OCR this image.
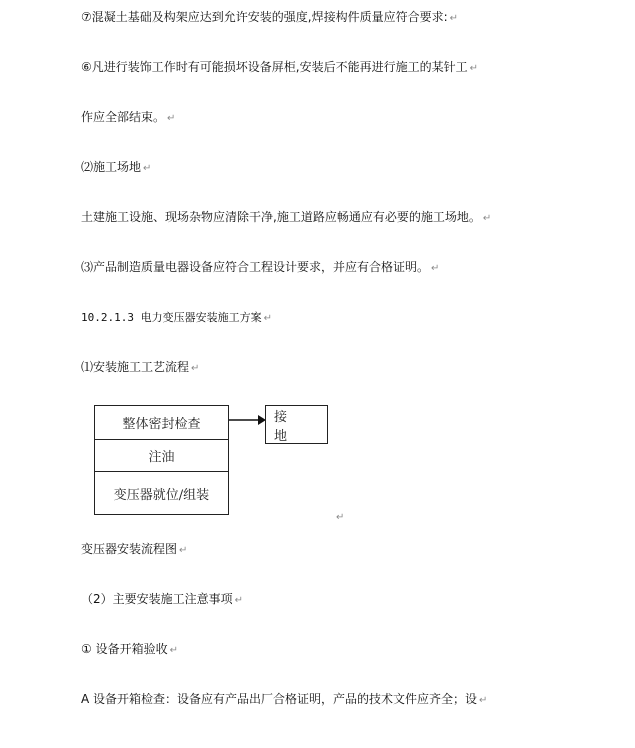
⑦混凝土基础及构架应达到允许安装的强度,焊接构件质量应符合要求: ↵
⑥凡进行装饰工作时有可能损坏设备屏柜,安装后不能再进行施工的某针工 ↵
作应全部结束。 ↵
⑵施工场地 ↵
土建施工设施、现场杂物应清除干净,施工道路应畅通应有必要的施工场地。 ↵
⑶产品制造质量电器设备应符合工程设计要求，并应有合格证明。 ↵
10.2.1.3 电力变压器安装施工方案 ↵
⑴安装施工工艺流程 ↵
整体密封检查
注油
变压器就位/组装
接 地
↵
变压器安装流程图 ↵
（2）主要安装施工注意事项 ↵
① 设备开箱验收 ↵
A 设备开箱检查：设备应有产品出厂合格证明，产品的技术文件应齐全；设 ↵
